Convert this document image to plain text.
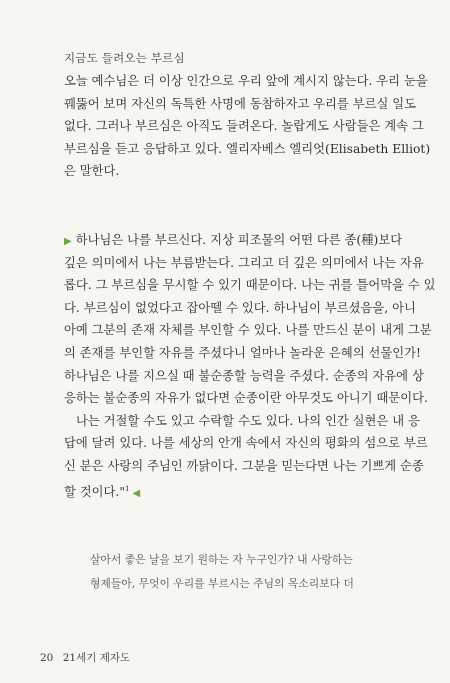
지금도 들려오는 부르심
오늘 예수님은 더 이상 인간으로 우리 앞에 계시지 않는다. 우리 눈을
꿰뚫어 보며 자신의 독특한 사명에 동참하자고 우리를 부르실 일도
없다. 그러나 부르심은 아직도 들려온다. 놀랍게도 사람들은 계속 그
부르심을 듣고 응답하고 있다. 엘리자베스 엘리엇(Elisabeth Elliot)
은 말한다.
▶ 하나님은 나를 부르신다. 지상 피조물의 어떤 다른 종(種)보다
깊은 의미에서 나는 부름받는다. 그리고 더 깊은 의미에서 나는 자유
롭다. 그 부르심을 무시할 수 있기 때문이다. 나는 귀를 틀어막을 수 있
다. 부르심이 없었다고 잡아뗄 수 있다. 하나님이 부르셨음을, 아니
아예 그분의 존재 자체를 부인할 수 있다. 나를 만드신 분이 내게 그분
의 존재를 부인할 자유를 주셨다니 얼마나 놀라운 은혜의 선물인가!
하나님은 나를 지으실 때 불순종할 능력을 주셨다. 순종의 자유에 상
응하는 불순종의 자유가 없다면 순종이란 아무것도 아니기 때문이다.
나는 거절할 수도 있고 수락할 수도 있다. 나의 인간 실현은 내 응
답에 달려 있다. 나를 세상의 안개 속에서 자신의 평화의 섬으로 부르
신 분은 사랑의 주님인 까닭이다. 그분을 믿는다면 나는 기쁘게 순종
할 것이다."$^1$ ◀
살아서 좋은 날을 보기 원하는 자 누구인가? 내 사랑하는
형제들아, 무엇이 우리를 부르시는 주님의 목소리보다 더
20 21세기 제자도
